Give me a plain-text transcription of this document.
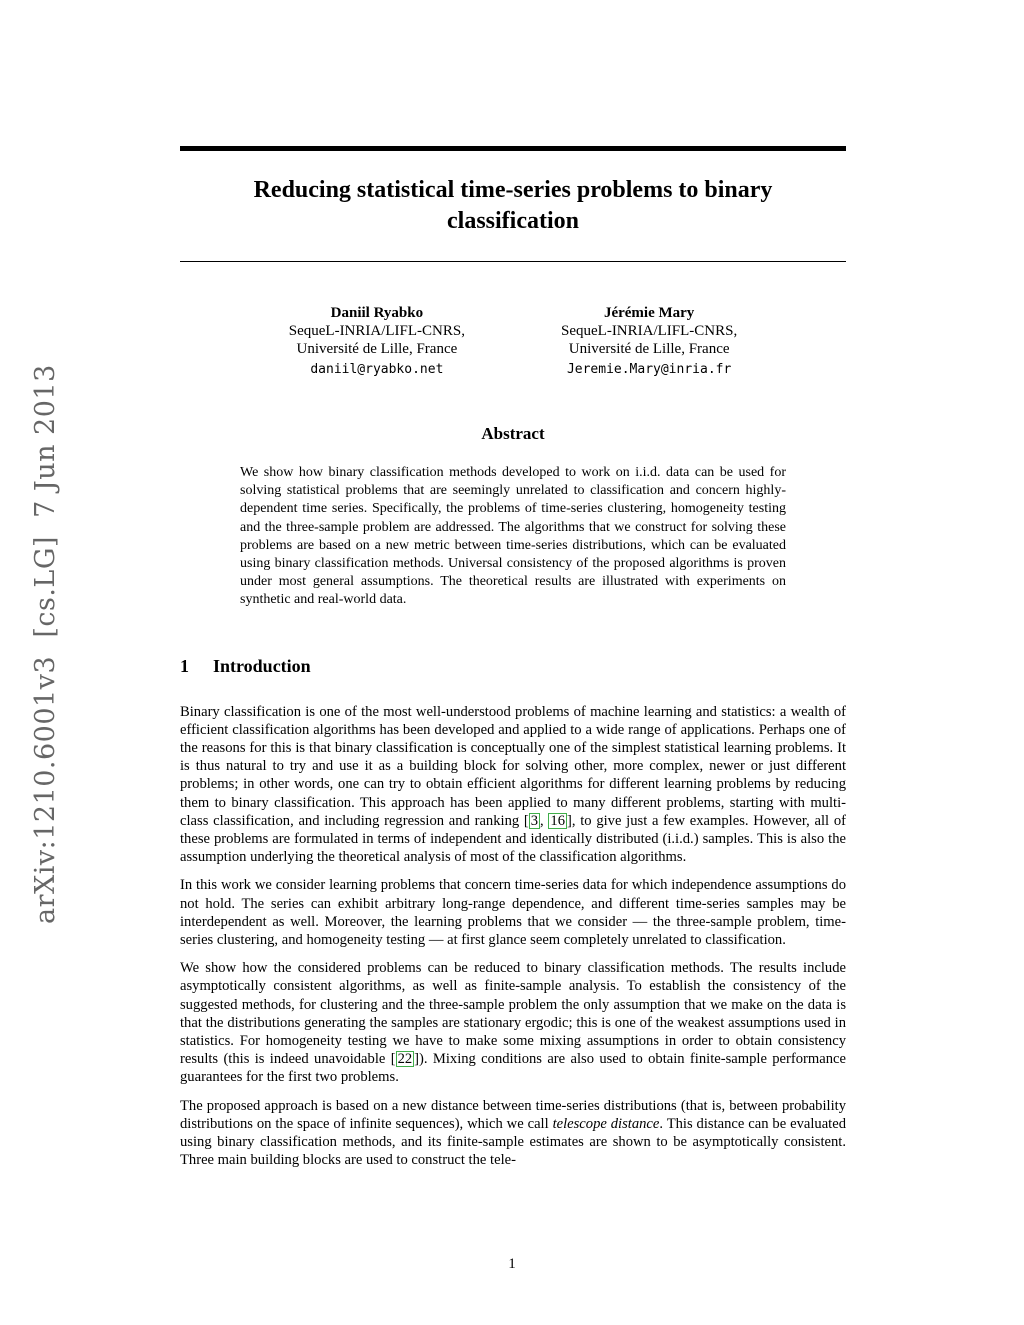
arXiv:1210.6001v3  [cs.LG]  7 Jun 2013
Reducing statistical time-series problems to binary classification
Daniil Ryabko
SequeL-INRIA/LIFL-CNRS,
Université de Lille, France
daniil@ryabko.net
Jérémie Mary
SequeL-INRIA/LIFL-CNRS,
Université de Lille, France
Jeremie.Mary@inria.fr
Abstract

We show how binary classification methods developed to work on i.i.d. data can be used for solving statistical problems that are seemingly unrelated to classification and concern highly-dependent time series. Specifically, the problems of time-series clustering, homogeneity testing and the three-sample problem are addressed. The algorithms that we construct for solving these problems are based on a new metric between time-series distributions, which can be evaluated using binary classification methods. Universal consistency of the proposed algorithms is proven under most general assumptions. The theoretical results are illustrated with experiments on synthetic and real-world data.

1 Introduction

Binary classification is one of the most well-understood problems of machine learning and statistics: a wealth of efficient classification algorithms has been developed and applied to a wide range of applications. Perhaps one of the reasons for this is that binary classification is conceptually one of the simplest statistical learning problems. It is thus natural to try and use it as a building block for solving other, more complex, newer or just different problems; in other words, one can try to obtain efficient algorithms for different learning problems by reducing them to binary classification. This approach has been applied to many different problems, starting with multi-class classification, and including regression and ranking [ 3 , 16 ], to give just a few examples. However, all of these problems are formulated in terms of independent and identically distributed (i.i.d.) samples. This is also the assumption underlying the theoretical analysis of most of the classification algorithms.

In this work we consider learning problems that concern time-series data for which independence assumptions do not hold. The series can exhibit arbitrary long-range dependence, and different time-series samples may be interdependent as well. Moreover, the learning problems that we consider — the three-sample problem, time-series clustering, and homogeneity testing — at first glance seem completely unrelated to classification.

We show how the considered problems can be reduced to binary classification methods. The results include asymptotically consistent algorithms, as well as finite-sample analysis. To establish the consistency of the suggested methods, for clustering and the three-sample problem the only assumption that we make on the data is that the distributions generating the samples are stationary ergodic; this is one of the weakest assumptions used in statistics. For homogeneity testing we have to make some mixing assumptions in order to obtain consistency results (this is indeed unavoidable [ 22 ]). Mixing conditions are also used to obtain finite-sample performance guarantees for the first two problems.

The proposed approach is based on a new distance between time-series distributions (that is, between probability distributions on the space of infinite sequences), which we call telescope distance. This distance can be evaluated using binary classification methods, and its finite-sample estimates are shown to be asymptotically consistent. Three main building blocks are used to construct the tele-

1
